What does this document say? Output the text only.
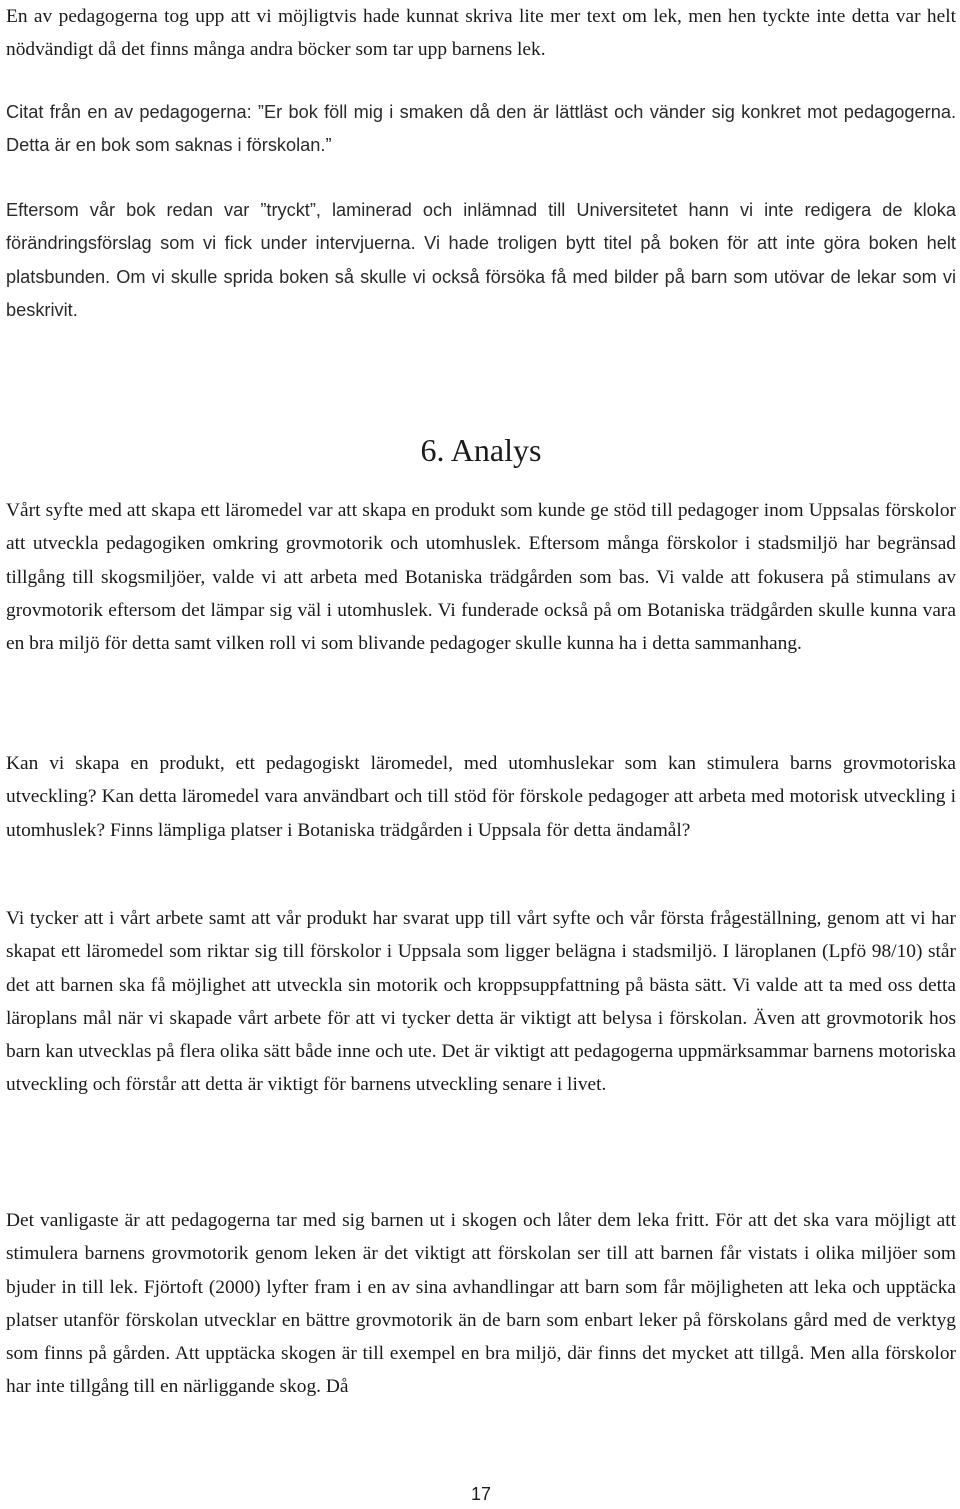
En av pedagogerna tog upp att vi möjligtvis hade kunnat skriva lite mer text om lek, men hen tyckte inte detta var helt nödvändigt då det finns många andra böcker som tar upp barnens lek.

Citat från en av pedagogerna: ”Er bok föll mig i smaken då den är lättläst och vänder sig konkret mot pedagogerna. Detta är en bok som saknas i förskolan.”

Eftersom vår bok redan var ”tryckt”, laminerad och inlämnad till Universitetet hann vi inte redigera de kloka förändringsförslag som vi fick under intervjuerna. Vi hade troligen bytt titel på boken för att inte göra boken helt platsbunden. Om vi skulle sprida boken så skulle vi också försöka få med bilder på barn som utövar de lekar som vi beskrivit.

6. Analys

Vårt syfte med att skapa ett läromedel var att skapa en produkt som kunde ge stöd till pedagoger inom Uppsalas förskolor att utveckla pedagogiken omkring grovmotorik och utomhuslek. Eftersom många förskolor i stadsmiljö har begränsad tillgång till skogsmiljöer, valde vi att arbeta med Botaniska trädgården som bas. Vi valde att fokusera på stimulans av grovmotorik eftersom det lämpar sig väl i utomhuslek. Vi funderade också på om Botaniska trädgården skulle kunna vara en bra miljö för detta samt vilken roll vi som blivande pedagoger skulle kunna ha i detta sammanhang.

Kan vi skapa en produkt, ett pedagogiskt läromedel, med utomhuslekar som kan stimulera barns grovmotoriska utveckling? Kan detta läromedel vara användbart och till stöd för förskole pedagoger att arbeta med motorisk utveckling i utomhuslek? Finns lämpliga platser i Botaniska trädgården i Uppsala för detta ändamål?

Vi tycker att i vårt arbete samt att vår produkt har svarat upp till vårt syfte och vår första frågeställning, genom att vi har skapat ett läromedel som riktar sig till förskolor i Uppsala som ligger belägna i stadsmiljö. I läroplanen (Lpfö 98/10) står det att barnen ska få möjlighet att utveckla sin motorik och kroppsuppfattning på bästa sätt. Vi valde att ta med oss detta läroplans mål när vi skapade vårt arbete för att vi tycker detta är viktigt att belysa i förskolan. Även att grovmotorik hos barn kan utvecklas på flera olika sätt både inne och ute. Det är viktigt att pedagogerna uppmärksammar barnens motoriska utveckling och förstår att detta är viktigt för barnens utveckling senare i livet.

Det vanligaste är att pedagogerna tar med sig barnen ut i skogen och låter dem leka fritt. För att det ska vara möjligt att stimulera barnens grovmotorik genom leken är det viktigt att förskolan ser till att barnen får vistats i olika miljöer som bjuder in till lek. Fjörtoft (2000) lyfter fram i en av sina avhandlingar att barn som får möjligheten att leka och upptäcka platser utanför förskolan utvecklar en bättre grovmotorik än de barn som enbart leker på förskolans gård med de verktyg som finns på gården. Att upptäcka skogen är till exempel en bra miljö, där finns det mycket att tillgå. Men alla förskolor har inte tillgång till en närliggande skog. Då

17
